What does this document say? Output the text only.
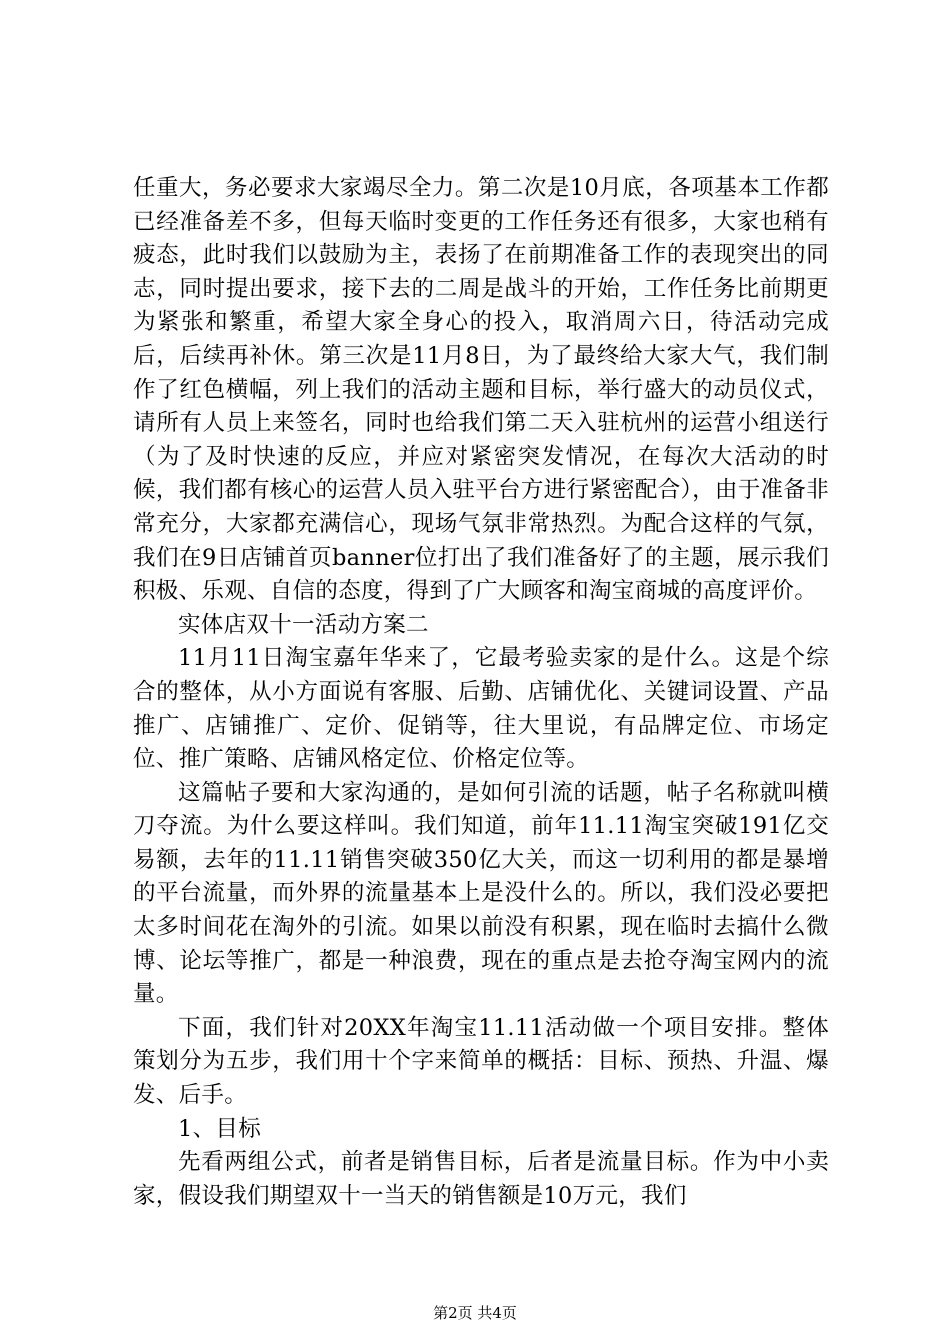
任重大，务必要求大家竭尽全力。第二次是10月底，各项基本工作都已经准备差不多，但每天临时变更的工作任务还有很多，大家也稍有疲态，此时我们以鼓励为主，表扬了在前期准备工作的表现突出的同志，同时提出要求，接下去的二周是战斗的开始，工作任务比前期更为紧张和繁重，希望大家全身心的投入，取消周六日，待活动完成后，后续再补休。第三次是11月8日，为了最终给大家大气，我们制作了红色横幅，列上我们的活动主题和目标，举行盛大的动员仪式，请所有人员上来签名，同时也给我们第二天入驻杭州的运营小组送行（为了及时快速的反应，并应对紧密突发情况，在每次大活动的时候，我们都有核心的运营人员入驻平台方进行紧密配合），由于准备非常充分，大家都充满信心，现场气氛非常热烈。为配合这样的气氛，我们在9日店铺首页banner位打出了我们准备好了的主题，展示我们积极、乐观、自信的态度，得到了广大顾客和淘宝商城的高度评价。

实体店双十一活动方案二

11月11日淘宝嘉年华来了，它最考验卖家的是什么。这是个综合的整体，从小方面说有客服、后勤、店铺优化、关键词设置、产品推广、店铺推广、定价、促销等，往大里说，有品牌定位、市场定位、推广策略、店铺风格定位、价格定位等。

这篇帖子要和大家沟通的，是如何引流的话题，帖子名称就叫横刀夺流。为什么要这样叫。我们知道，前年11.11淘宝突破191亿交易额，去年的11.11销售突破350亿大关，而这一切利用的都是暴增的平台流量，而外界的流量基本上是没什么的。所以，我们没必要把太多时间花在淘外的引流。如果以前没有积累，现在临时去搞什么微博、论坛等推广，都是一种浪费，现在的重点是去抢夺淘宝网内的流量。

下面，我们针对20XX年淘宝11.11活动做一个项目安排。整体策划分为五步，我们用十个字来简单的概括：目标、预热、升温、爆发、后手。

1、目标

先看两组公式，前者是销售目标，后者是流量目标。作为中小卖家，假设我们期望双十一当天的销售额是10万元，我们

第2页 共4页
